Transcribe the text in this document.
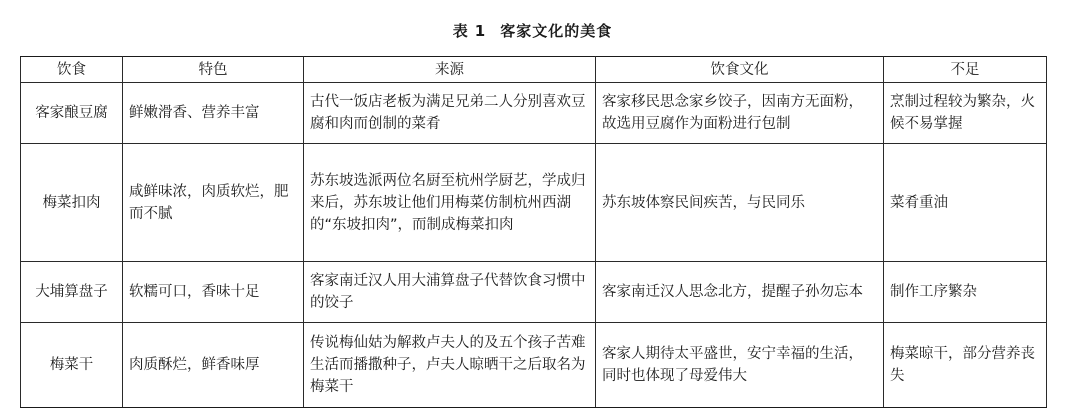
表 1 客家文化的美食
饮食	特色	来源	饮食文化	不足
客家酿豆腐	鲜嫩滑香、营养丰富	古代一饭店老板为满足兄弟二人分别喜欢豆腐和肉而创制的菜肴	客家移民思念家乡饺子，因南方无面粉，故选用豆腐作为面粉进行包制	烹制过程较为繁杂，火候不易掌握
梅菜扣肉	咸鲜味浓，肉质软烂，肥而不腻	苏东坡选派两位名厨至杭州学厨艺，学成归来后，苏东坡让他们用梅菜仿制杭州西湖的“东坡扣肉”，而制成梅菜扣肉	苏东坡体察民间疾苦，与民同乐	菜肴重油
大埔算盘子	软糯可口，香味十足	客家南迁汉人用大浦算盘子代替饮食习惯中的饺子	客家南迁汉人思念北方，提醒子孙勿忘本	制作工序繁杂
梅菜干	肉质酥烂，鲜香味厚	传说梅仙姑为解救卢夫人的及五个孩子苦难生活而播撒种子，卢夫人晾晒干之后取名为梅菜干	客家人期待太平盛世，安宁幸福的生活，同时也体现了母爱伟大	梅菜晾干，部分营养丧失
